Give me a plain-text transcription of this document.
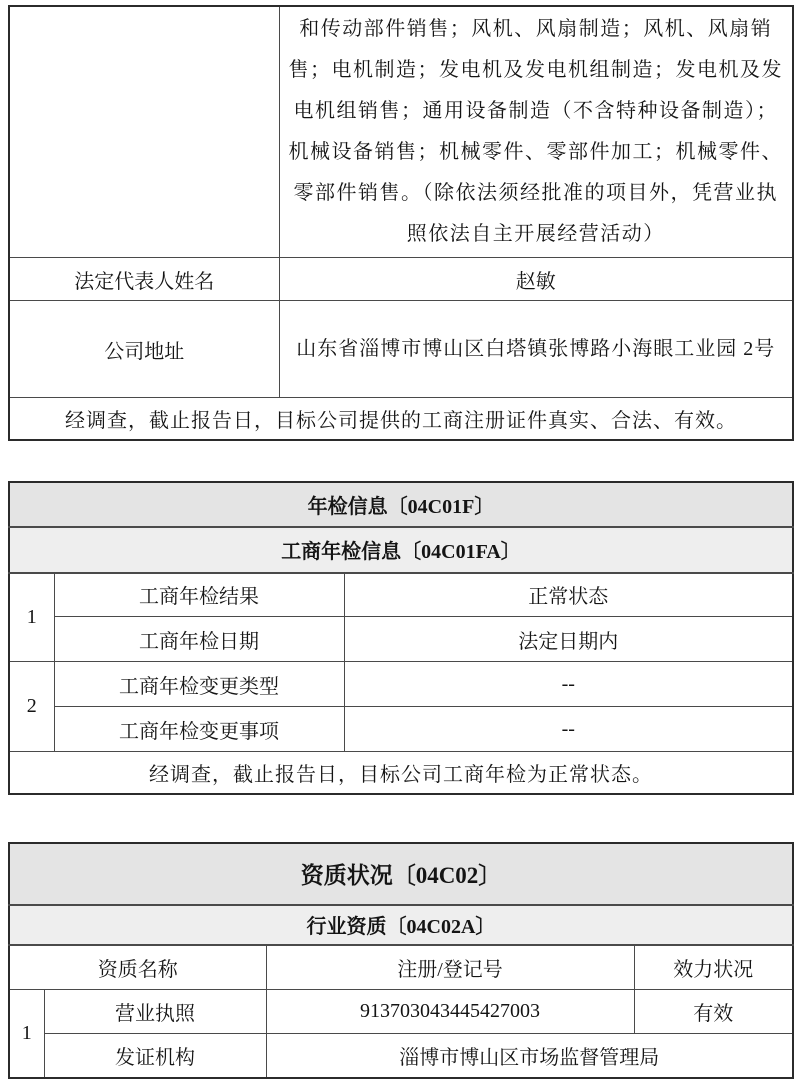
	和传动部件销售；风机、风扇制造；风机、风扇销售；电机制造；发电机及发电机组制造；发电机及发电机组销售；通用设备制造（不含特种设备制造）；机械设备销售；机械零件、零部件加工；机械零件、零部件销售。（除依法须经批准的项目外，凭营业执照依法自主开展经营活动）
法定代表人姓名	赵敏
公司地址	山东省淄博市博山区白塔镇张博路小海眼工业园 2号
经调查，截止报告日，目标公司提供的工商注册证件真实、合法、有效。	
年检信息〔04C01F〕		
工商年检信息〔04C01FA〕		
1	工商年检结果	正常状态
	工商年检日期	法定日期内
2	工商年检变更类型	--
	工商年检变更事项	--
经调查，截止报告日，目标公司工商年检为正常状态。		
资质状况〔04C02〕			
行业资质〔04C02A〕			
资质名称		注册/登记号	效力状况
1	营业执照	913703043445427003	有效
	发证机构	淄博市博山区市场监督管理局	
